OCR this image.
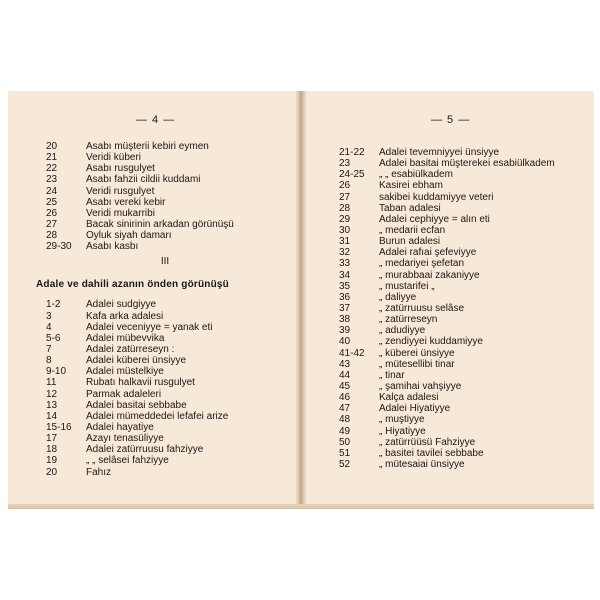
— 4 —
20	Asabı müşterii kebiri eymen
21	Veridi küberi
22	Asabı rusgulyet
23	Asabı fahzii cildii kuddami
24	Veridi rusgulyet
25	Asabı vereki kebir
26	Veridi mukarribi
27	Bacak sinirinin arkadan görünüşü
28	Oyluk siyah damarı
29-30 Asabı kasbı
III
Adale ve dahili azanın önden görünüşü
1-2	Adalei sudgiyye
3	Kafa arka adalesi
4	Adalei veceniyye = yanak eti
5-6	Adalei mübevvika
7	Adalei zatürreseyn :
8	Adalei küberei ünsiyye
9-10 Adalei müstelkiye
11	Rubatı halkavii rusgulyet
12	Parmak adaleleri
13	Adalei basitai sebbabe
14	Adalei mümeddedei lefafei arize
15-16 Adalei hayatiye
17	Azayı tenasüliyye
18	Adalei zatürruusu fahziyye
19	„ „ selâsei fahziyye
20	Fahız
— 5 —
21-22 Adalei tevemniyyei ünsiyye
23	Adalei basitai müşterekei esabiülkadem
24-25 „ „ esabiülkadem
26	Kasirei ebham
27	sakibei kuddamiyye veteri
28	Taban adalesi
29	Adalei cephiyye = alın eti
30	„ medarii ecfan
31	Burun adalesi
32	Adalei rafıai şefeviyye
33	„ medariyei şefetan
34	„ murabbaai zakaniyye
35	„ mustarifei „
36	„ daliyye
37	„ zatürruusu selâse
38	„ zatürreseyn
39	„ adudiyye
40	„ zendiyyei kuddamiyye
41-42 „ küberei ünsiyye
43	„ mütesellibi tinar
44	„ tinar
45	„ şamihai vahşiyye
46	Kalça adalesi
47	Adalei Hiyatiyye
48	„ muştiyye
49	„ Hiyatiyye
50	„ zatürrüüsü Fahziyye
51	„ basitei tavilei sebbabe
52	„ mütesaiai ünsiyye
